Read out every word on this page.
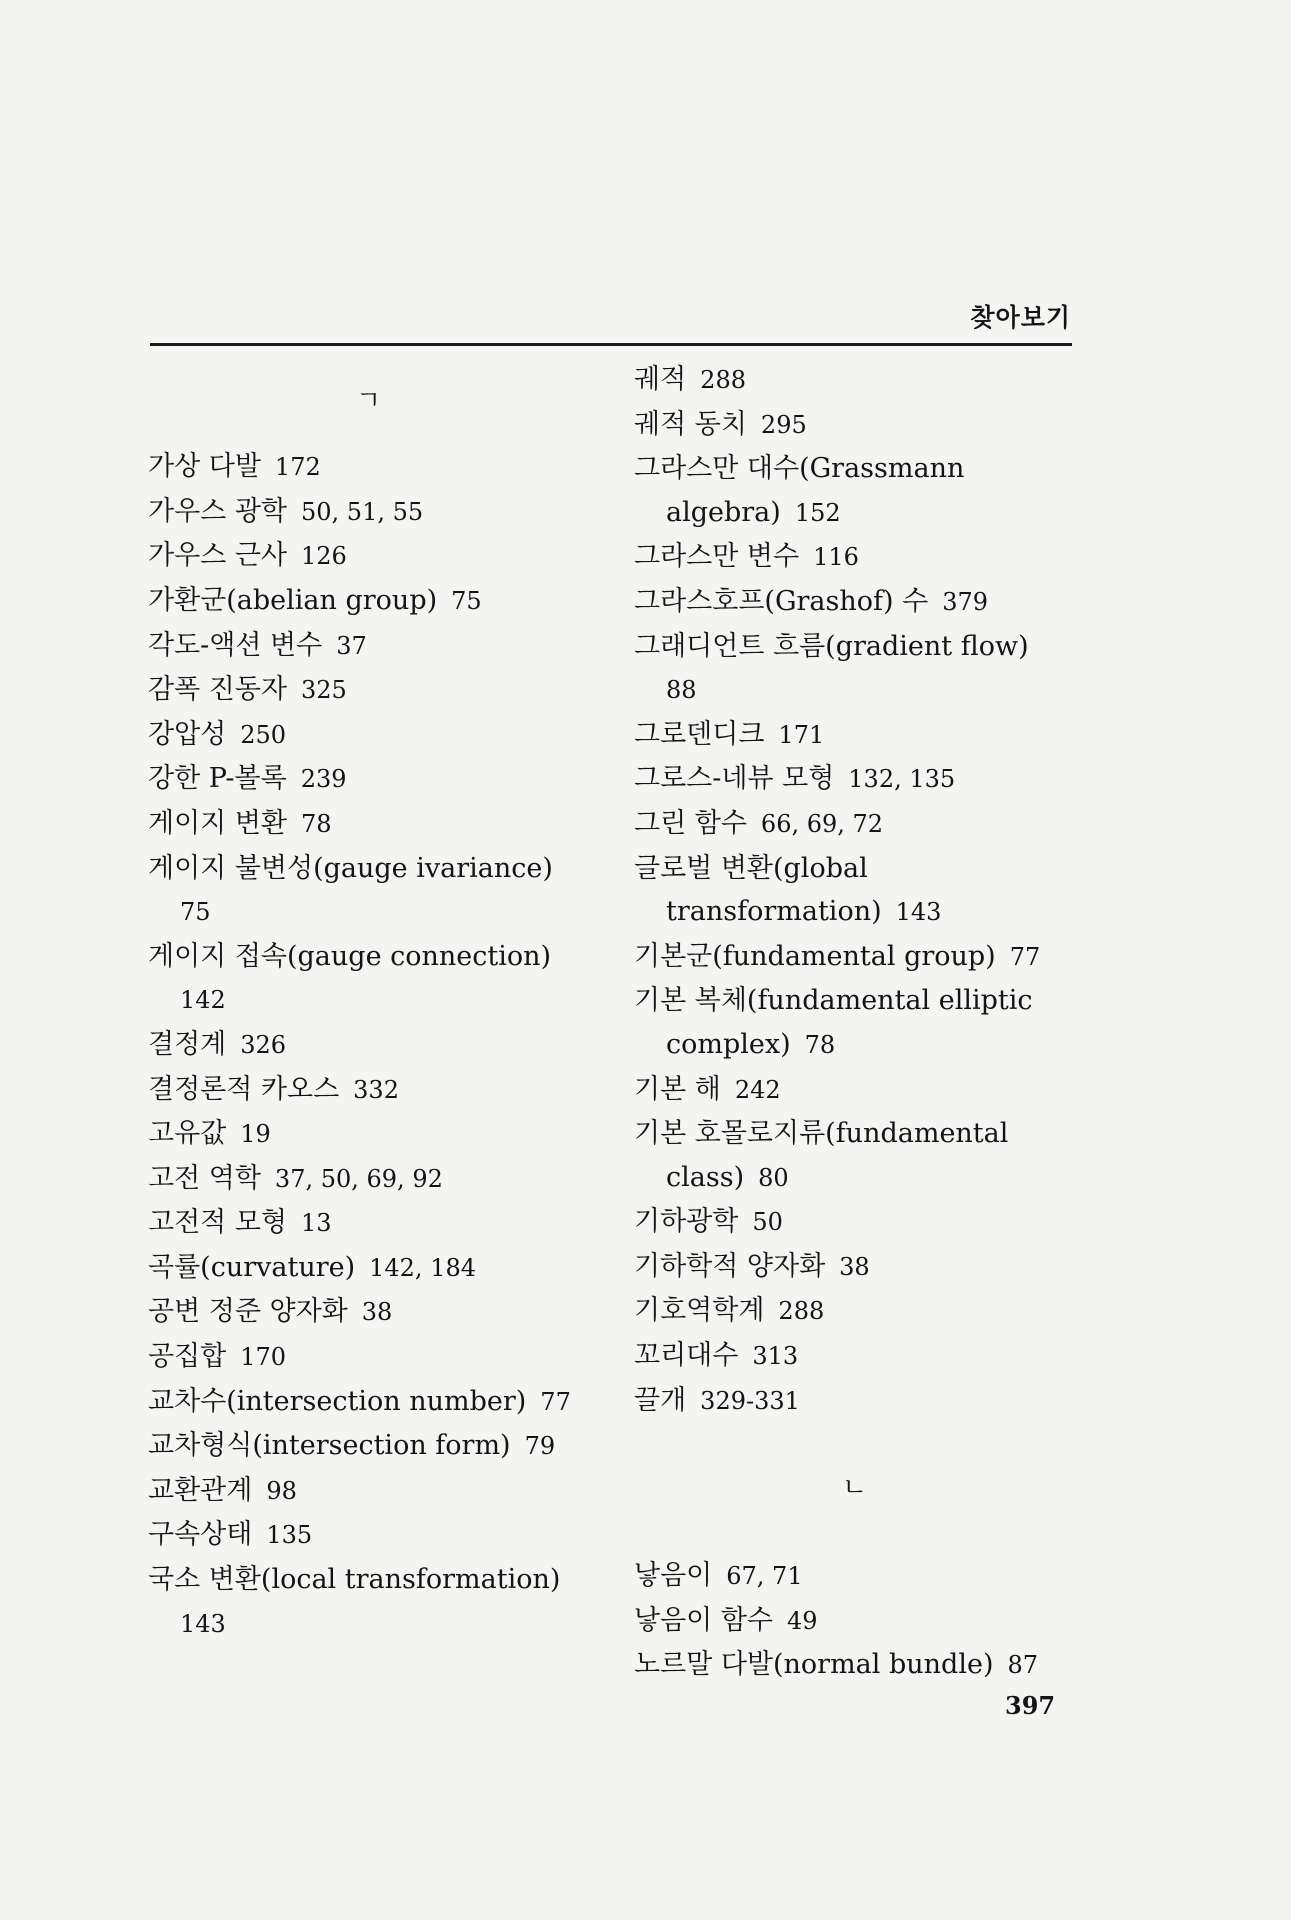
찾아보기
ㄱ
가상 다발 172
가우스 광학 50, 51, 55
가우스 근사 126
가환군(abelian group) 75
각도-액션 변수 37
감폭 진동자 325
강압성 250
강한 P-볼록 239
게이지 변환 78
게이지 불변성(gauge ivariance)
75
게이지 접속(gauge connection)
142
결정계 326
결정론적 카오스 332
고유값 19
고전 역학 37, 50, 69, 92
고전적 모형 13
곡률(curvature) 142, 184
공변 정준 양자화 38
공집합 170
교차수(intersection number) 77
교차형식(intersection form) 79
교환관계 98
구속상태 135
국소 변환(local transformation)
143
궤적 288
궤적 동치 295
그라스만 대수(Grassmann algebra) 152
그라스만 변수 116
그라스호프(Grashof) 수 379
그래디언트 흐름(gradient flow)
88
그로덴디크 171
그로스-네뷰 모형 132, 135
그린 함수 66, 69, 72
글로벌 변환(global transformation) 143
기본군(fundamental group) 77
기본 복체(fundamental elliptic complex) 78
기본 해 242
기본 호몰로지류(fundamental class) 80
기하광학 50
기하학적 양자화 38
기호역학계 288
꼬리대수 313
끌개 329-331
ㄴ
낳음이 67, 71
낳음이 함수 49
노르말 다발(normal bundle) 87
397
